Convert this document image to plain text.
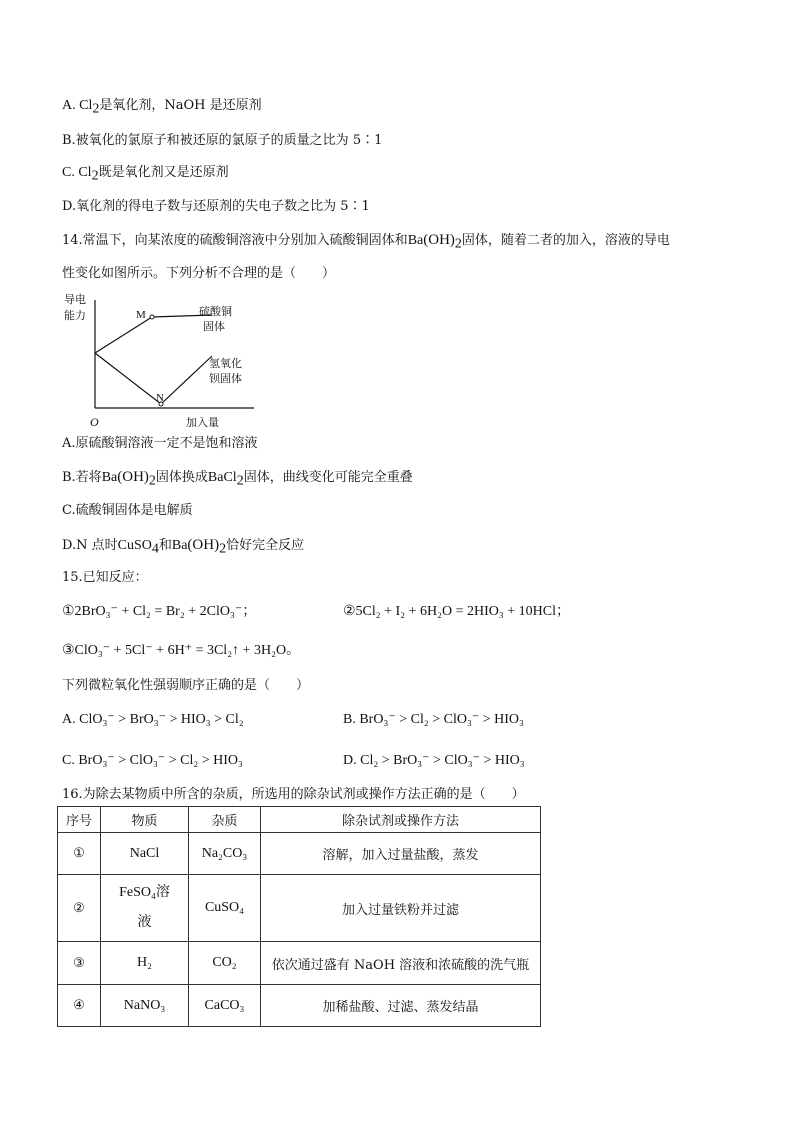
A. $Cl_2$是氧化剂，NaOH 是还原剂
B.被氧化的氯原子和被还原的氯原子的质量之比为 5∶1
C. $Cl_2$既是氧化剂又是还原剂
D.氧化剂的得电子数与还原剂的失电子数之比为 5∶1
14.常温下，向某浓度的硫酸铜溶液中分别加入硫酸铜固体和$Ba(OH)_2$固体，随着二者的加入，溶液的导电
性变化如图所示。下列分析不合理的是（　　）
导电
能力
O	加入量
M
N
硫酸铜
固体
氢氧化
钡固体
A.原硫酸铜溶液一定不是饱和溶液
B.若将$Ba(OH)_2$固体换成BaCl$_2$固体，曲线变化可能完全重叠
C.硫酸铜固体是电解质
D.N 点时CuSO$_4$和$Ba(OH)_2$恰好完全反应
15.已知反应：
①2BrO₃⁻ + Cl₂ = Br₂ + 2ClO₃⁻；	②5Cl₂ + I₂ + 6H₂O = 2HIO₃ + 10HCl；
③ClO₃⁻ + 5Cl⁻ + 6H⁺ = 3Cl₂↑ + 3H₂O。
下列微粒氧化性强弱顺序正确的是（　　）
A. ClO₃⁻ > BrO₃⁻ > HIO₃ > Cl₂	B. BrO₃⁻ > Cl₂ > ClO₃⁻ > HIO₃
C. BrO₃⁻ > ClO₃⁻ > Cl₂ > HIO₃	D. Cl₂ > BrO₃⁻ > ClO₃⁻ > HIO₃
16.为除去某物质中所含的杂质，所选用的除杂试剂或操作方法正确的是（　　）
序号	物质	杂质	除杂试剂或操作方法
①	NaCl	Na₂CO₃	溶解，加入过量盐酸，蒸发
②	FeSO₄溶液	CuSO₄	加入过量铁粉并过滤
③	H₂	CO₂	依次通过盛有 NaOH 溶液和浓硫酸的洗气瓶
④	NaNO₃	CaCO₃	加稀盐酸、过滤、蒸发结晶
